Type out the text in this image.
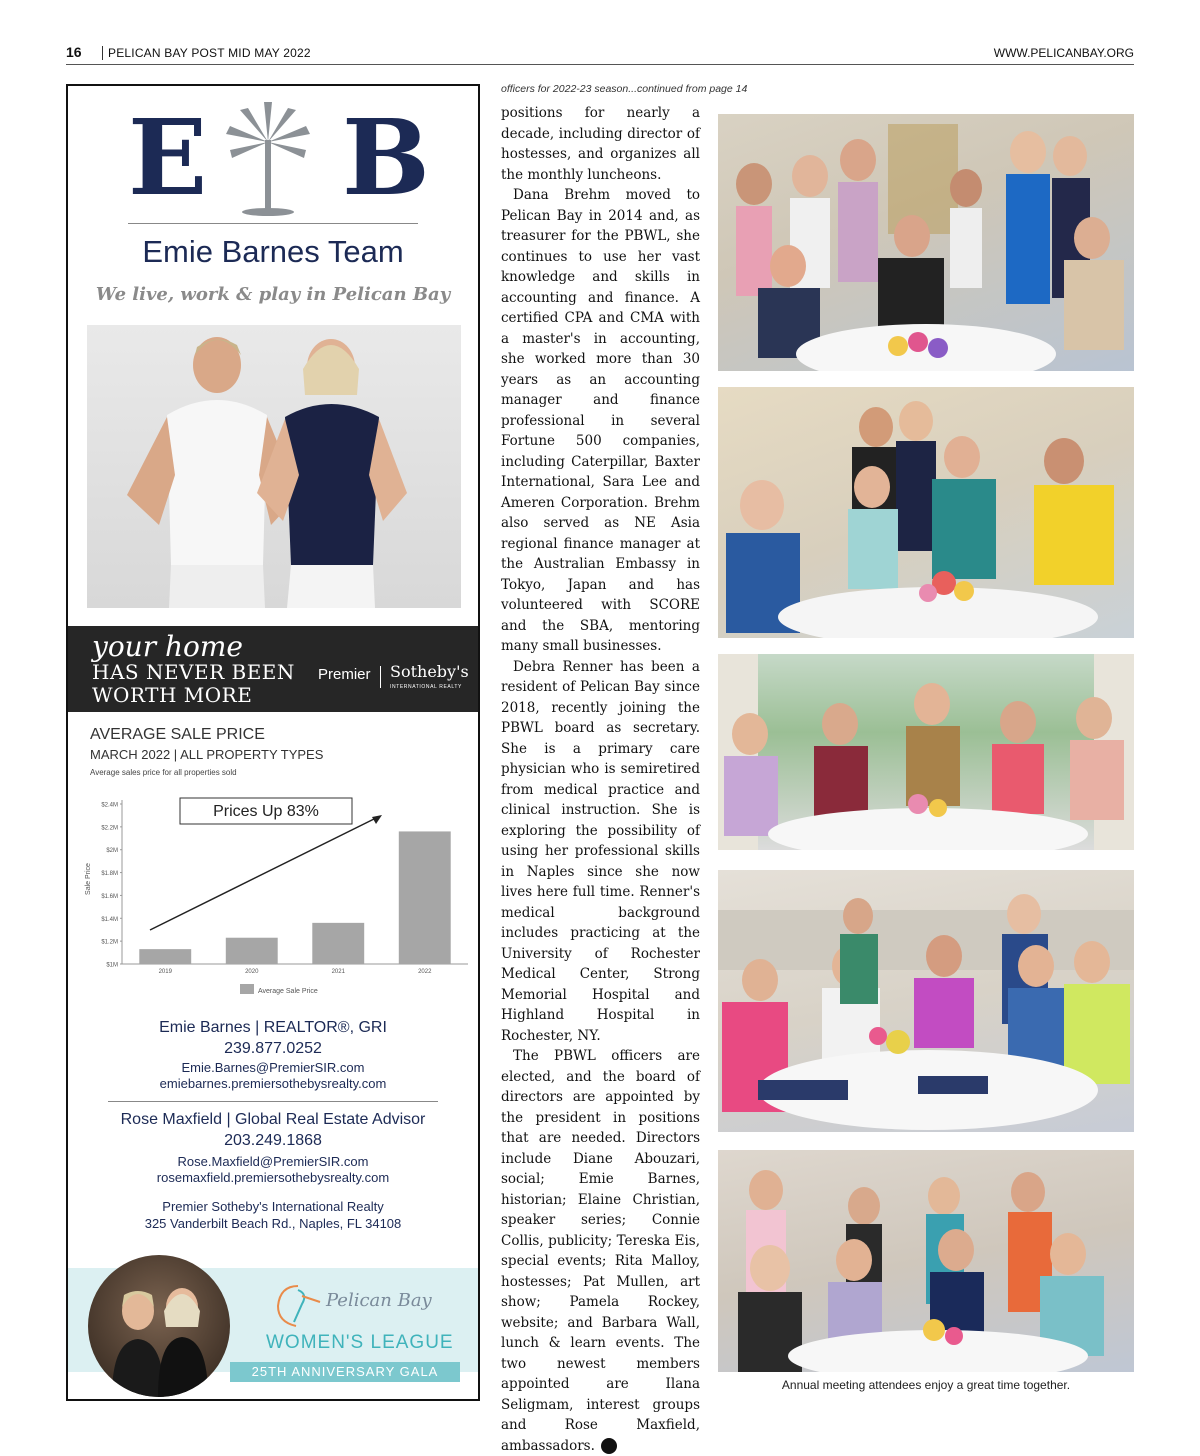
16 PELICAN BAY POST MID MAY 2022	WWW.PELICANBAY.ORG
E B
Emie Barnes Team
We live, work & play in Pelican Bay
your home
HAS NEVER BEEN
WORTH MORE
Premier Sotheby's
INTERNATIONAL REALTY
AVERAGE SALE PRICE
MARCH 2022 | ALL PROPERTY TYPES
Average sales price for all properties sold
$1M
$1.2M
$1.4M
$1.6M
$1.8M
$2M
$2.2M
$2.4M
2019	2020	2021	2022
Sale Price
Prices Up 83%
Average Sale Price
Emie Barnes | REALTOR®, GRI
239.877.0252
Emie.Barnes@PremierSIR.com
emiebarnes.premiersothebysrealty.com
Rose Maxfield | Global Real Estate Advisor
203.249.1868
Rose.Maxfield@PremierSIR.com
rosemaxfield.premiersothebysrealty.com
Premier Sotheby's International Realty
325 Vanderbilt Beach Rd., Naples, FL 34108
Pelican Bay
WOMEN'S LEAGUE
25TH ANNIVERSARY GALA
officers for 2022-23 season...continued from page 14

positions for nearly a decade, including director of hostesses, and organizes all the monthly luncheons.

Dana Brehm moved to Pelican Bay in 2014 and, as treasurer for the PBWL, she continues to use her vast knowledge and skills in accounting and finance. A certified CPA and CMA with a master's in accounting, she worked more than 30 years as an accounting manager and finance professional in several Fortune 500 companies, including Caterpillar, Baxter International, Sara Lee and Ameren Corporation. Brehm also served as NE Asia regional finance manager at the Australian Embassy in Tokyo, Japan and has volunteered with SCORE and the SBA, mentoring many small businesses.

Debra Renner has been a resident of Pelican Bay since 2018, recently joining the PBWL board as secretary. She is a primary care physician who is semiretired from medical practice and clinical instruction. She is exploring the possibility of using her professional skills in Naples since she now lives here full time. Renner's medical background includes practicing at the University of Rochester Medical Center, Strong Memorial Hospital and Highland Hospital in Rochester, NY.

The PBWL officers are elected, and the board of directors are appointed by the president in positions that are needed. Directors include Diane Abouzari, social; Emie Barnes, historian; Elaine Christian, speaker series; Connie Collis, publicity; Tereska Eis, special events; Rita Malloy, hostesses; Pat Mullen, art show; Pamela Rockey, website; and Barbara Wall, lunch & learn events. The two newest members appointed are Ilana Seligmam, interest groups and Rose Maxfield, ambassadors.

Annual meeting attendees enjoy a great time together.
